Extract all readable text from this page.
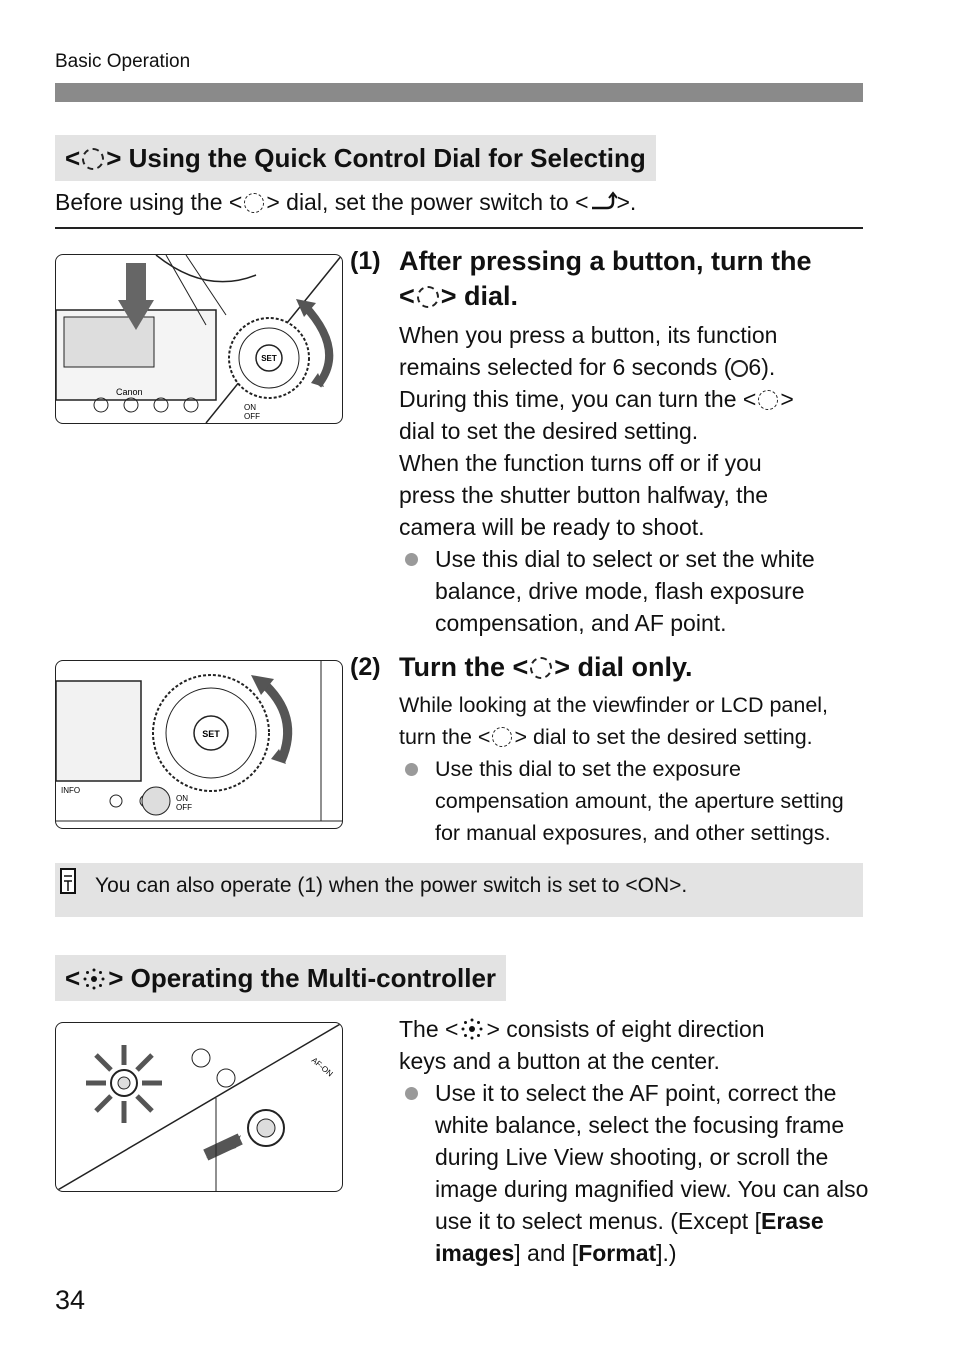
Basic Operation
< > Using the Quick Control Dial for Selecting
Before using the < > dial, set the power switch to < >.
Canon
SET
ON
OFF
(1) After pressing a button, turn the
< > dial.
When you press a button, its function
remains selected for 6 seconds ( 6).
During this time, you can turn the < >
dial to set the desired setting.
When the function turns off or if you
press the shutter button halfway, the
camera will be ready to shoot.
Use this dial to select or set the white balance, drive mode, flash exposure compensation, and AF point.
SET
INFO
ON
OFF
(2) Turn the < > dial only.
While looking at the viewfinder or LCD panel,
turn the < > dial to set the desired setting.
Use this dial to set the exposure compensation amount, the aperture setting for manual exposures, and other settings.
You can also operate (1) when the power switch is set to <ON>.
< > Operating the Multi-controller
AF-ON
The < > consists of eight direction
keys and a button at the center.
Use it to select the AF point, correct the white balance, select the focusing frame during Live View shooting, or scroll the image during magnified view. You can also use it to select menus. (Except [Erase images] and [Format].)
34
